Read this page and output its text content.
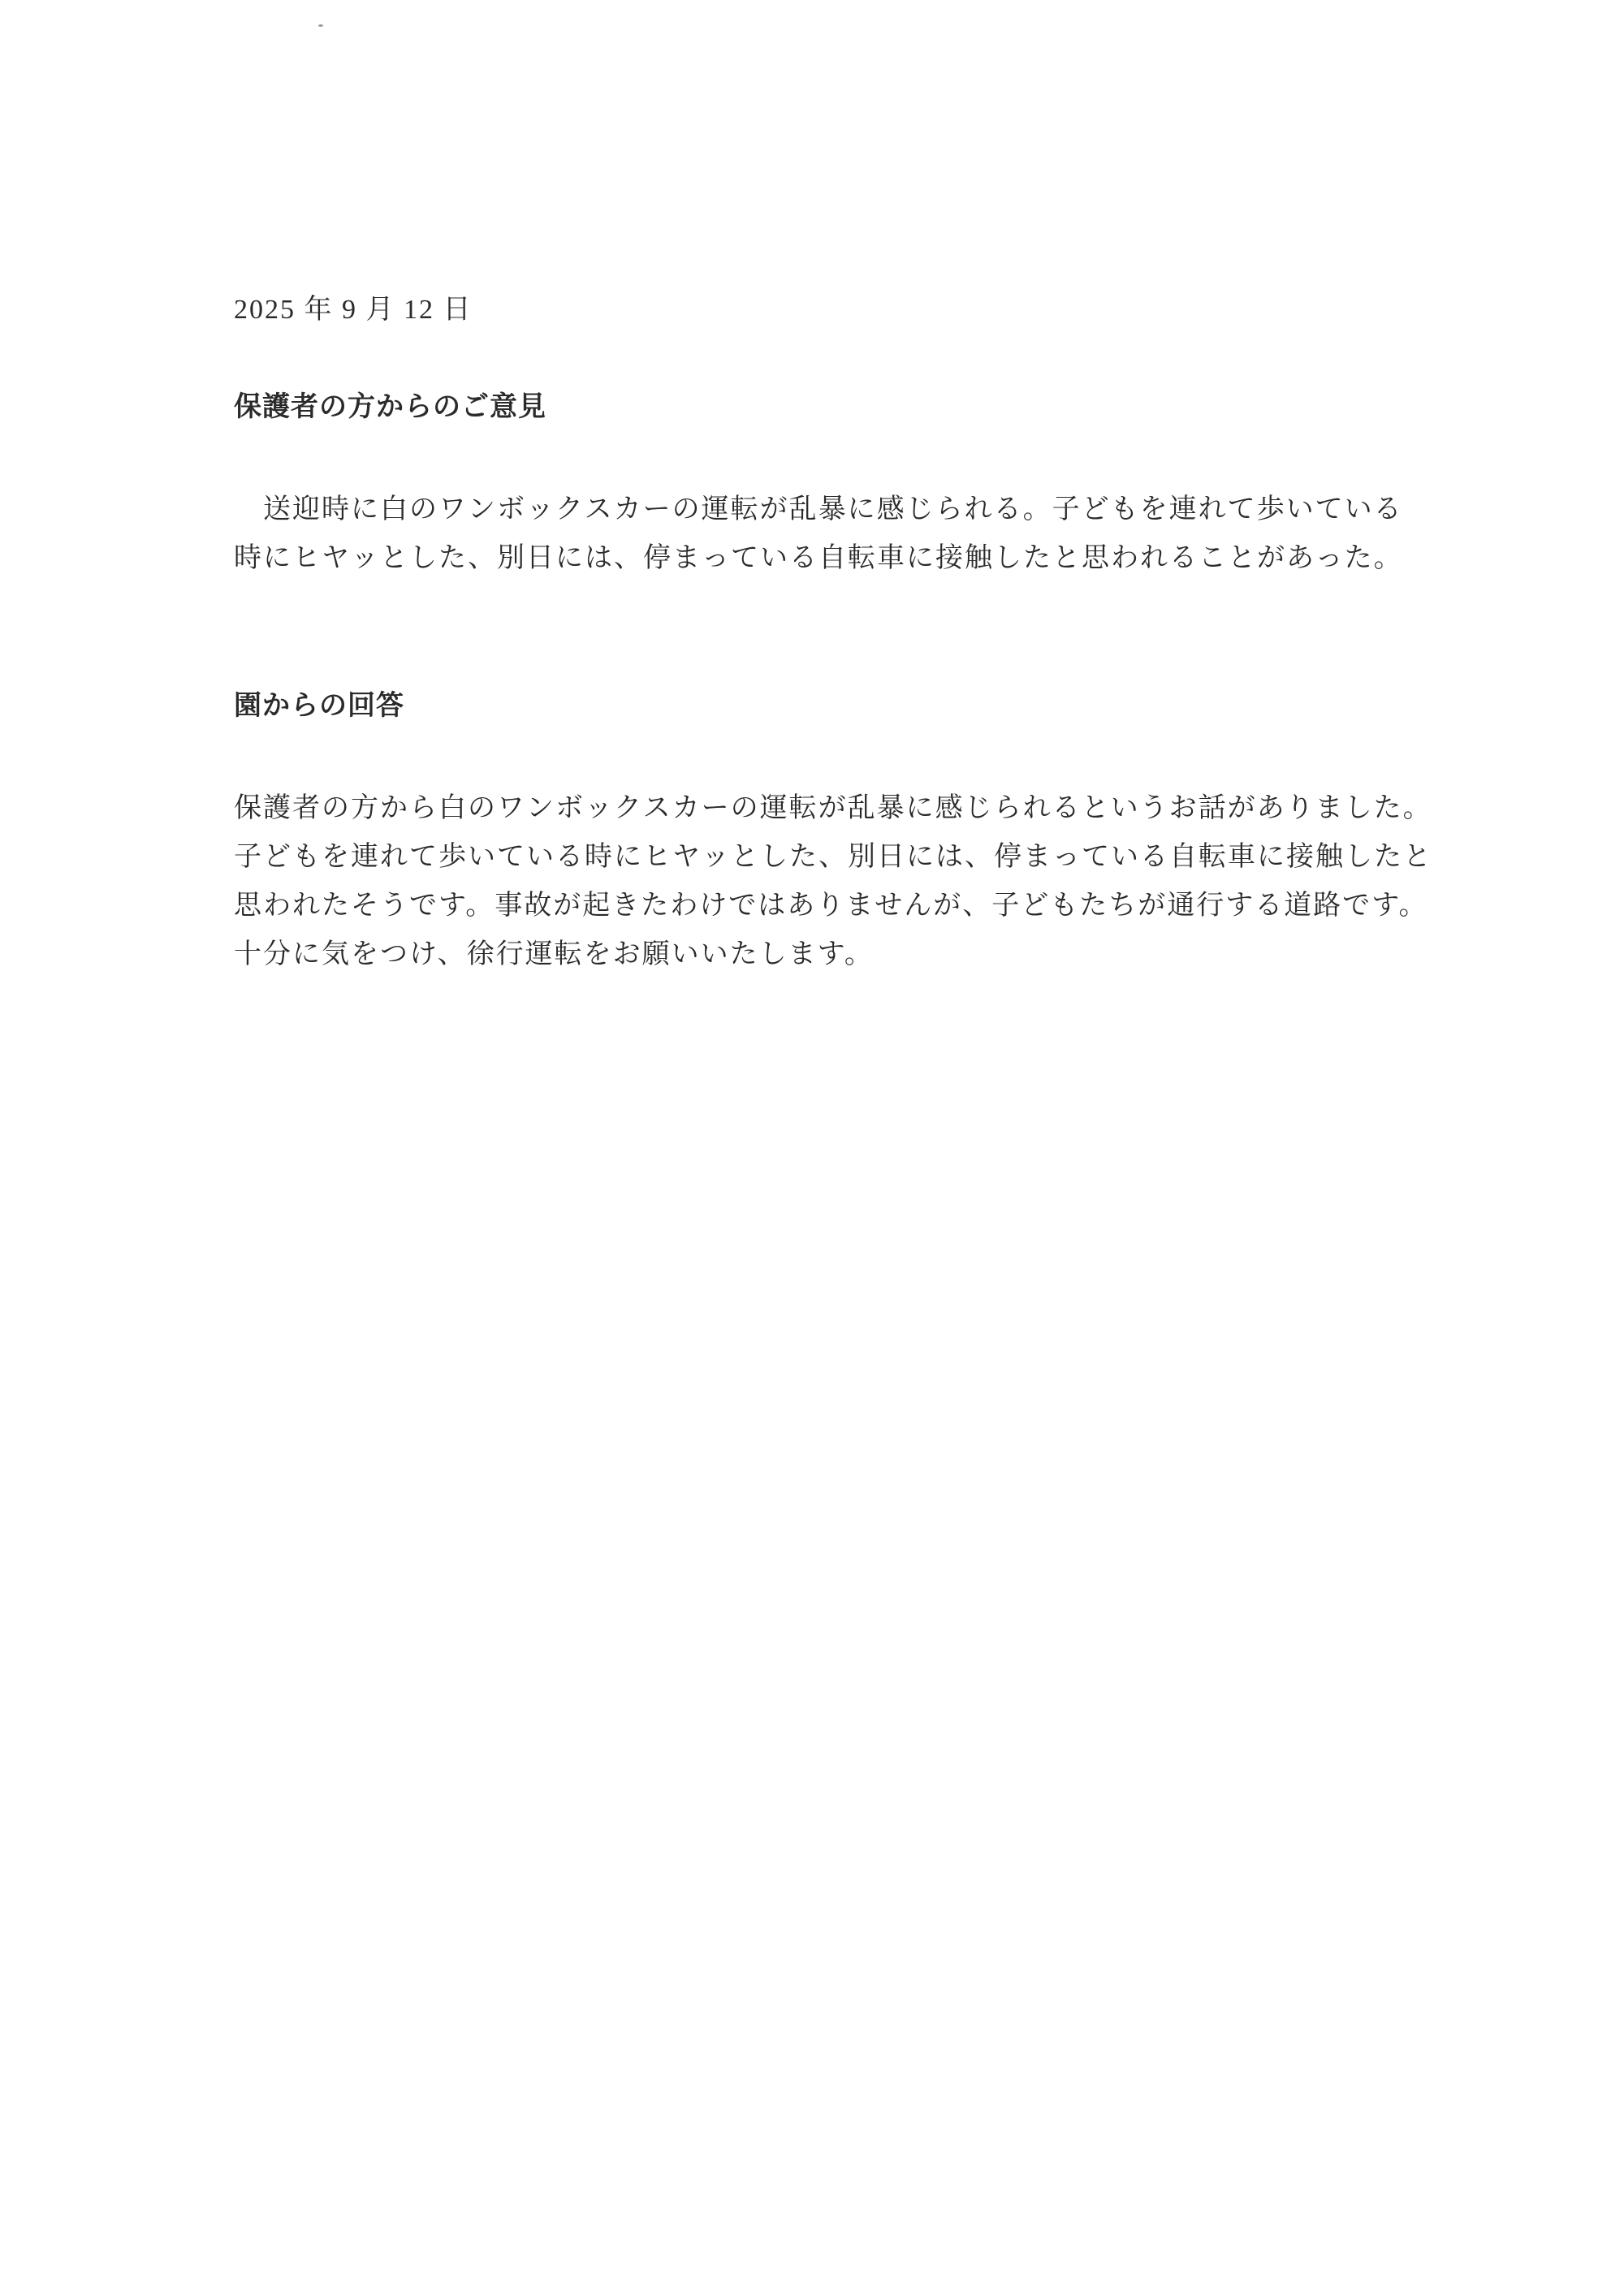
2025 年 9 月 12 日
保護者の方からのご意見
送迎時に白のワンボックスカーの運転が乱暴に感じられる。子どもを連れて歩いている
時にヒヤッとした、別日には、停まっている自転車に接触したと思われることがあった。
園からの回答
保護者の方から白のワンボックスカーの運転が乱暴に感じられるというお話がありました。
子どもを連れて歩いている時にヒヤッとした、別日には、停まっている自転車に接触したと
思われたそうです。事故が起きたわけではありませんが、子どもたちが通行する道路です。
十分に気をつけ、徐行運転をお願いいたします。
